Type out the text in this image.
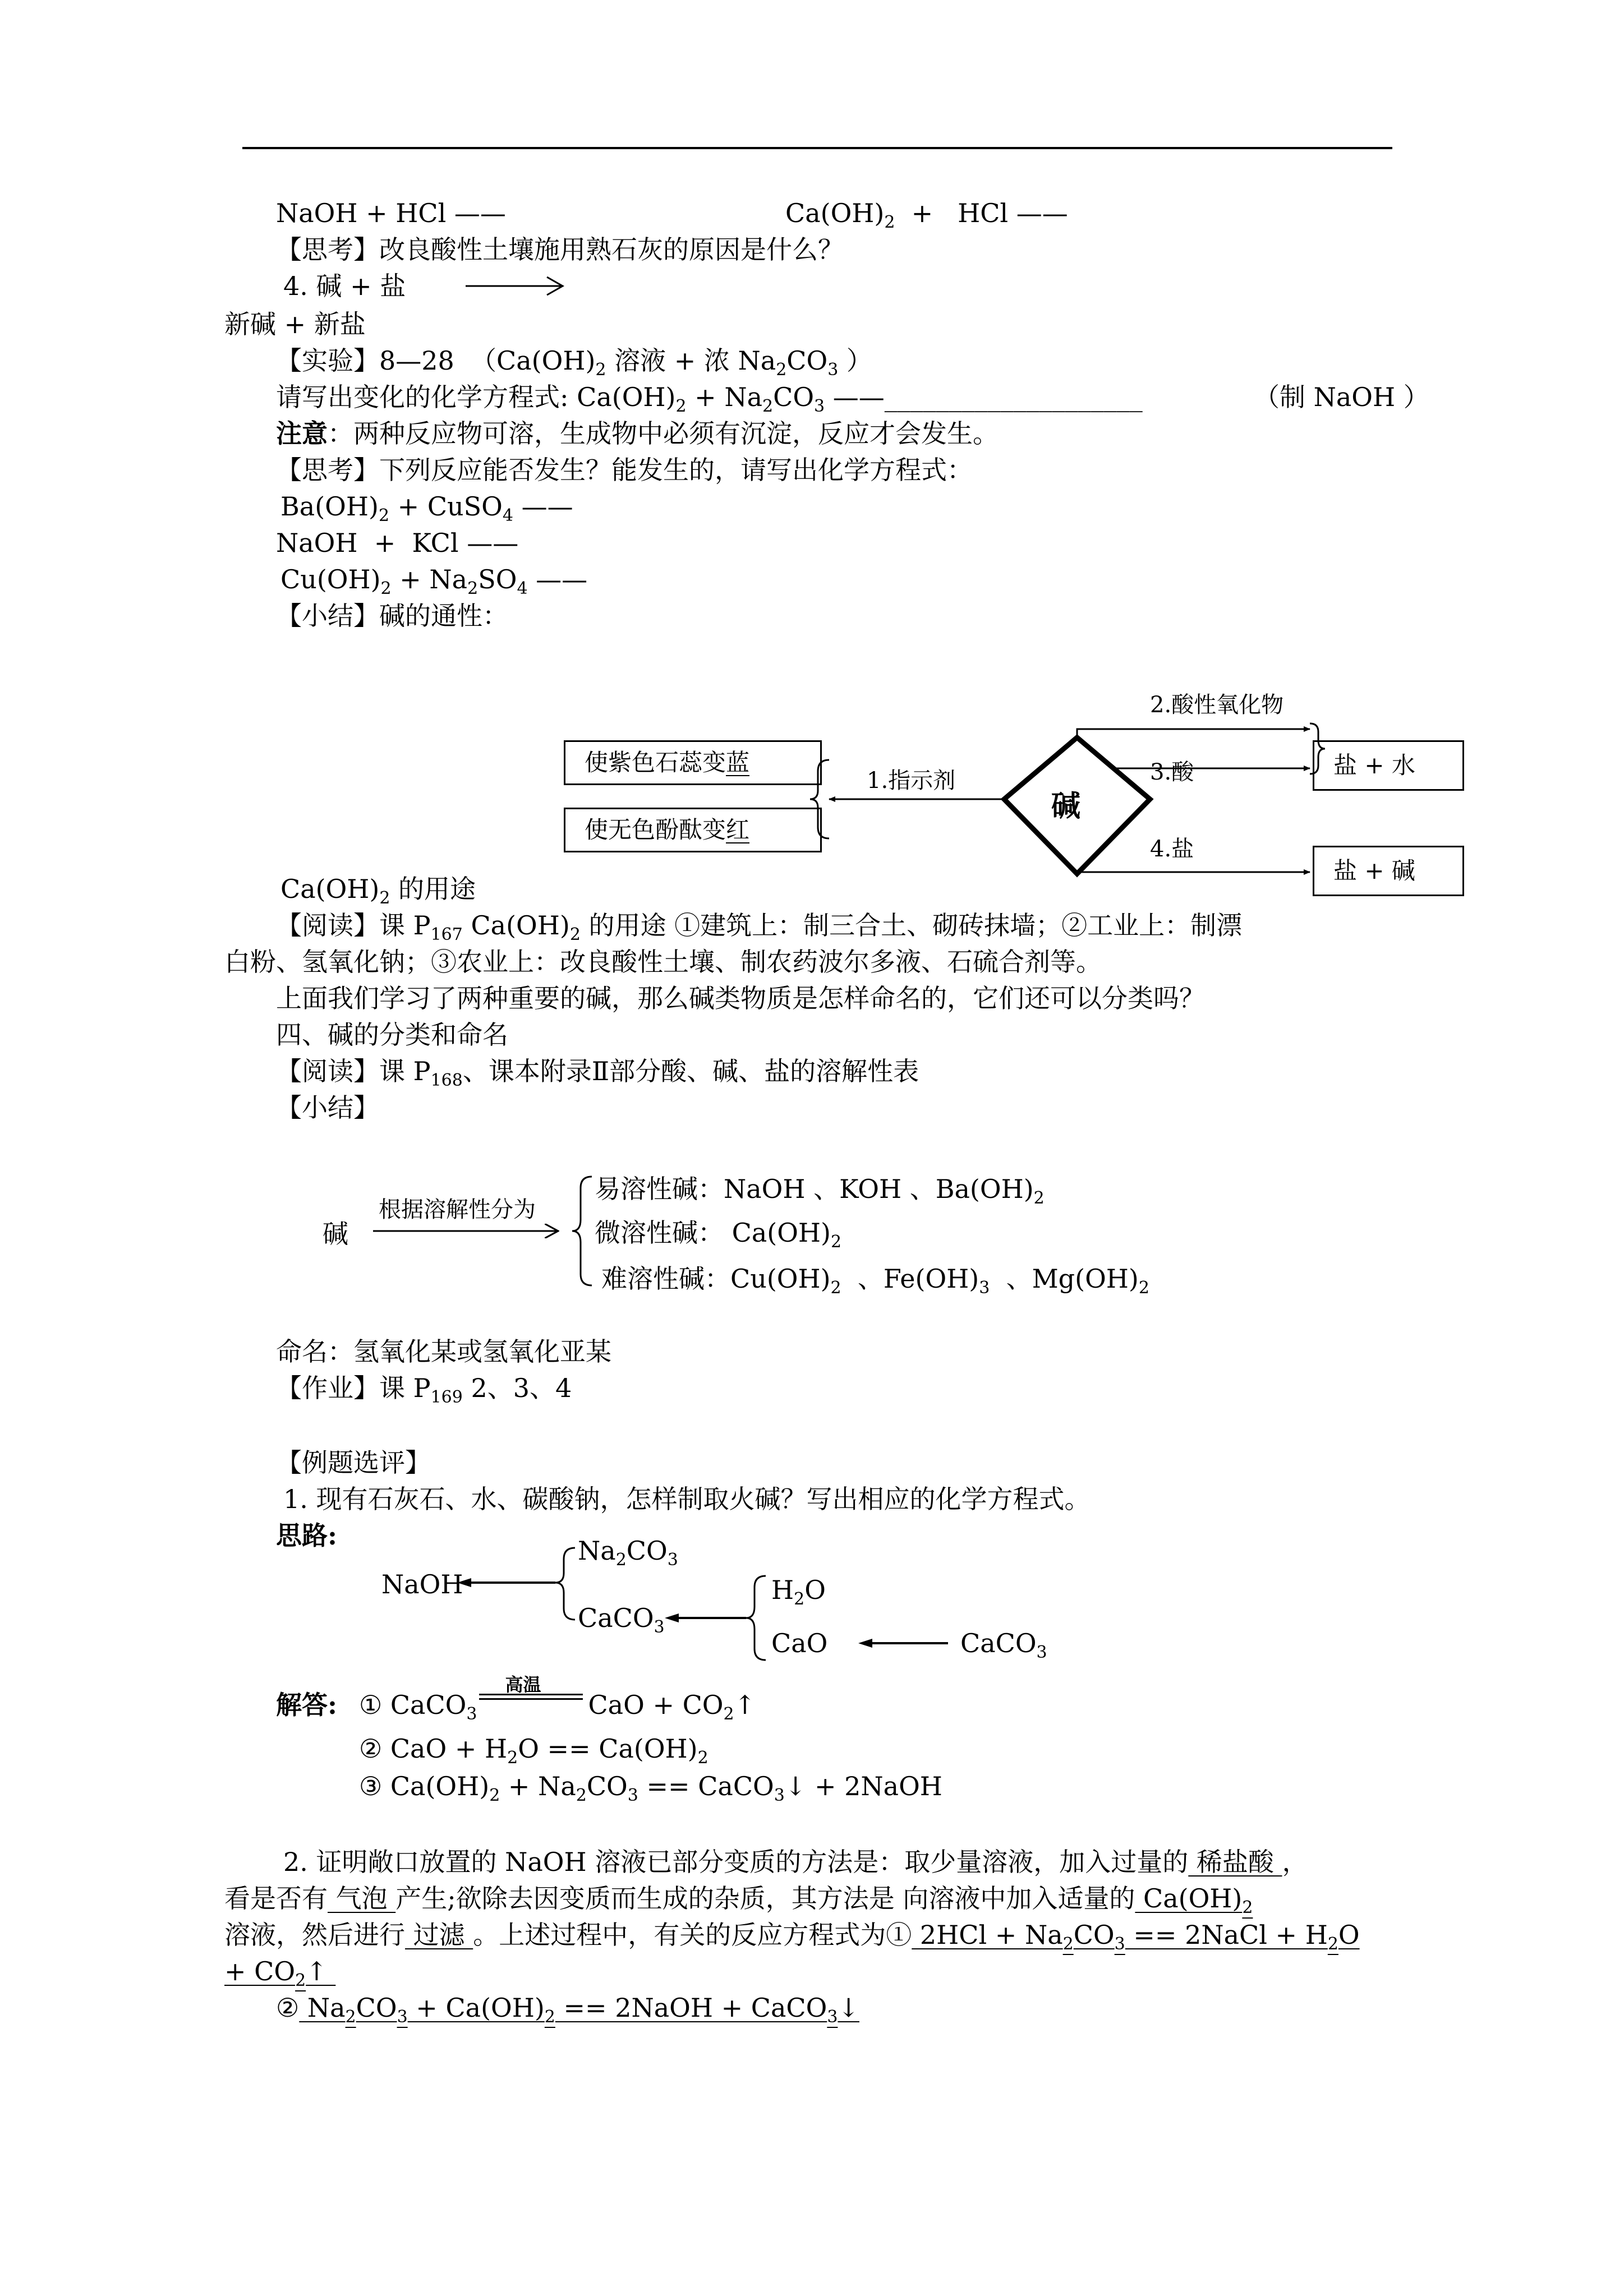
NaOH + HCl ——	$Ca(OH)_2$  +   HCl ——
【思考】改良酸性土壤施用熟石灰的原因是什么？
4. 碱 + 盐
新碱 + 新盐
【实验】8—28  （$Ca(OH)_2$ 溶液 + 浓 $Na_2CO_3$ ）
请写出变化的化学方程式: $Ca(OH)_2 + Na_2CO_3$ ——____________________	（制 NaOH ）
注意：两种反应物可溶，生成物中必须有沉淀，反应才会发生。
【思考】下列反应能否发生？能发生的，请写出化学方程式：
$Ba(OH)_2$ + CuSO$_4$ ——
NaOH  +  KCl ——
$Cu(OH)_2 + Na_2SO_4$ ——
【小结】碱的通性：
使紫色石蕊变 蓝
使无色酚酞变 红
1.指示剂
碱
2.酸性氧化物
3.酸
4.盐
盐 + 水
盐 + 碱
$Ca(OH)_2$ 的用途
【阅读】课 $P_{167}$ $Ca(OH)_2$ 的用途 ①建筑上：制三合土、砌砖抹墙；②工业上：制漂
白粉、氢氧化钠；③农业上：改良酸性土壤、制农药波尔多液、石硫合剂等。
上面我们学习了两种重要的碱，那么碱类物质是怎样命名的，它们还可以分类吗？
四、碱的分类和命名
【阅读】课 $P_{168}$、课本附录Ⅱ部分酸、碱、盐的溶解性表
【小结】
碱
根据溶解性分为
易溶性碱：NaOH 、KOH 、$Ba(OH)_2$
微溶性碱： $Ca(OH)_2$
难溶性碱：$Cu(OH)_2$  、$Fe(OH)_3$  、$Mg(OH)_2$
命名：氢氧化某或氢氧化亚某
【作业】课 $P_{169}$ 2、3、4
【例题选评】
1. 现有石灰石、水、碳酸钠，怎样制取火碱？写出相应的化学方程式。
思路:
NaOH
$Na_2CO_3$
CaCO$_3$
$H_2O$
CaO	CaCO$_3$
解答: ① CaCO$_3$
高温
CaO + $CO_2↑$
② CaO + $H_2O == Ca(OH)_2$
③ $Ca(OH)_2 + Na_2CO_3$ == CaCO$_3$↓ + 2NaOH
2. 证明敞口放置的 NaOH 溶液已部分变质的方法是：取少量溶液，加入过量的 稀盐酸 ，
看是否有 气泡 产生;欲除去因变质而生成的杂质，其方法是 向溶液中加入适量的 $Ca(OH)_2$
溶液，然后进行 过滤 。上述过程中，有关的反应方程式为① $2HCl + Na_2CO_3$ == 2NaCl + $H_2O$
+ $CO_2↑$
② $Na_2CO_3 + Ca(OH)_2$ == 2NaOH + CaCO$_3$↓
